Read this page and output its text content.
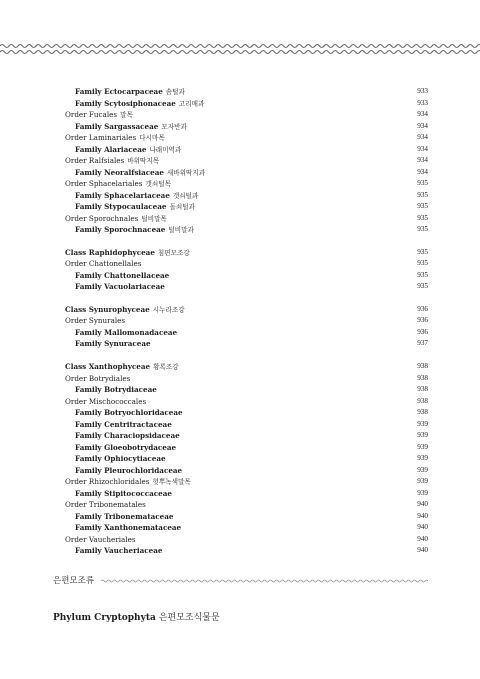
Family Ectocarpaceae 솜털과	933
Family Scytosiphonaceae 고리매과	933
Order Fucales 말목	934
Family Sargassaceae 모자반과	934
Order Laminariales 다시마목	934
Family Alariaceae 나래미역과	934
Order Ralfsiales 바위딱지목	934
Family Neoralfsiaceae 새바위딱지과	934
Order Sphacelariales 갯쇠털목	935
Family Sphacelariaceae 갯쇠털과	935
Family Stypocaulaceae 돌쇠털과	935
Order Sporochnales 털비말목	935
Family Sporochnaceae 털비말과	935
Class Raphidophyceae 침편모조강	935
Order Chattonellales	935
Family Chattonellaceae	935
Family Vacuolariaceae	935
Class Synurophyceae 시누라조강	936
Order Synurales	936
Family Mallomonadaceae	936
Family Synuraceae	937
Class Xanthophyceae 황록조강	938
Order Botrydiales	938
Family Botrydiaceae	938
Order Mischococcales	938
Family Botryochloridaceae	938
Family Centritractaceae	939
Family Characiopsidaceae	939
Family Gloeobotrydaceae	939
Family Ophiocytiaceae	939
Family Pleurochloridaceae	939
Order Rhizochloridales 헛뿌녹색말목	939
Family Stipitococcaceae	939
Order Tribonematales	940
Family Tribonemataceae	940
Family Xanthonemataceae	940
Order Vaucheriales	940
Family Vaucheriaceae	940
은편모조류
Phylum Cryptophyta 은편모조식물문
